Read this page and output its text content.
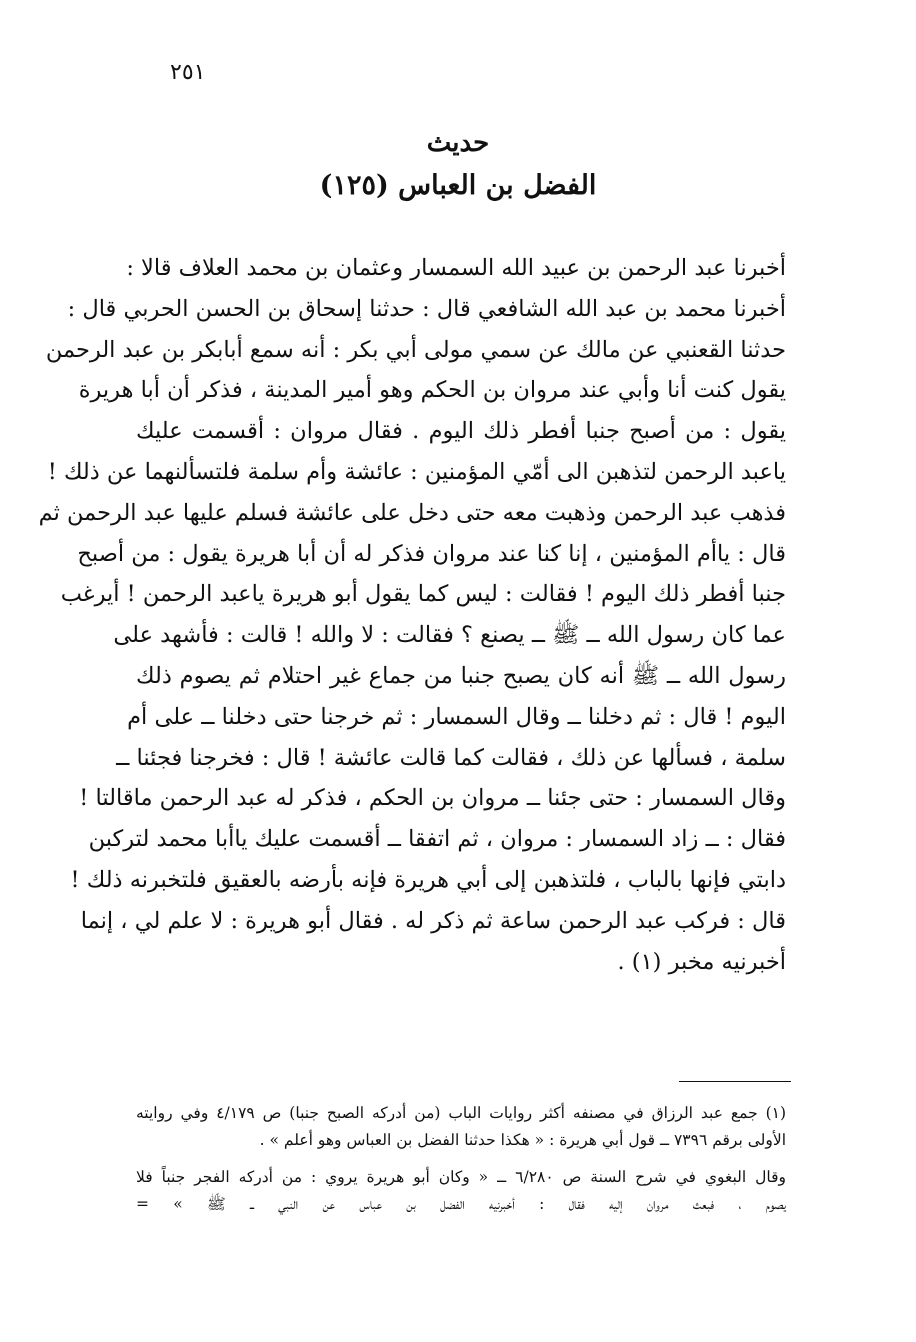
٢٥١
حديث
(١٢٥) الفضل بن العباس
أخبرنا عبد الرحمن بن عبيد الله السمسار وعثمان بن محمد العلاف قالا :
أخبرنا محمد بن عبد الله الشافعي قال : حدثنا إسحاق بن الحسن الحربي قال :
حدثنا القعنبي عن مالك عن سمي مولى أبي بكر : أنه سمع أبابكر بن عبد الرحمن
يقول كنت أنا وأبي عند مروان بن الحكم وهو أمير المدينة ، فذكر أن أبا هريرة
يقول : من أصبح جنبا أفطر ذلك اليوم . فقال مروان : أقسمت عليك
ياعبد الرحمن لتذهبن الى أمّي المؤمنين : عائشة وأم سلمة فلتسألنهما عن ذلك !
فذهب عبد الرحمن وذهبت معه حتى دخل على عائشة فسلم عليها عبد الرحمن ثم
قال : ياأم المؤمنين ، إنا كنا عند مروان فذكر له أن أبا هريرة يقول : من أصبح
جنبا أفطر ذلك اليوم ! فقالت : ليس كما يقول أبو هريرة ياعبد الرحمن ! أيرغب
عما كان رسول الله ــ ﷺ ــ يصنع ؟ فقالت : لا والله ! قالت : فأشهد على
رسول الله ــ ﷺ أنه كان يصبح جنبا من جماع غير احتلام ثم يصوم ذلك
اليوم ! قال : ثم دخلنا ــ وقال السمسار : ثم خرجنا حتى دخلنا ــ على أم
سلمة ، فسألها عن ذلك ، فقالت كما قالت عائشة ! قال : فخرجنا فجئنا ــ
وقال السمسار : حتى جئنا ــ مروان بن الحكم ، فذكر له عبد الرحمن ماقالتا !
فقال : ــ زاد السمسار : مروان ، ثم اتفقا ــ أقسمت عليك ياأبا محمد لتركبن
دابتي فإنها بالباب ، فلتذهبن إلى أبي هريرة فإنه بأرضه بالعقيق فلتخبرنه ذلك !
قال : فركب عبد الرحمن ساعة ثم ذكر له . فقال أبو هريرة : لا علم لي ، إنما
أخبرنيه مخبر (١) .
(١) جمع عبد الرزاق في مصنفه أكثر روايات الباب (من أدركه الصبح جنبا) ص ٤/١٧٩ وفي روايته
الأولى برقم ٧٣٩٦ ــ قول أبي هريرة : « هكذا حدثنا الفضل بن العباس وهو أعلم » .
وقال البغوي في شرح السنة ص ٦/٢٨٠ ــ « وكان أبو هريرة يروي : من أدركه الفجر جنباً فلا
يصوم ، فبعث مروان إليه فقال : أخبرنيه الفضل بن عباس عن النبي ــ ﷺ » =
